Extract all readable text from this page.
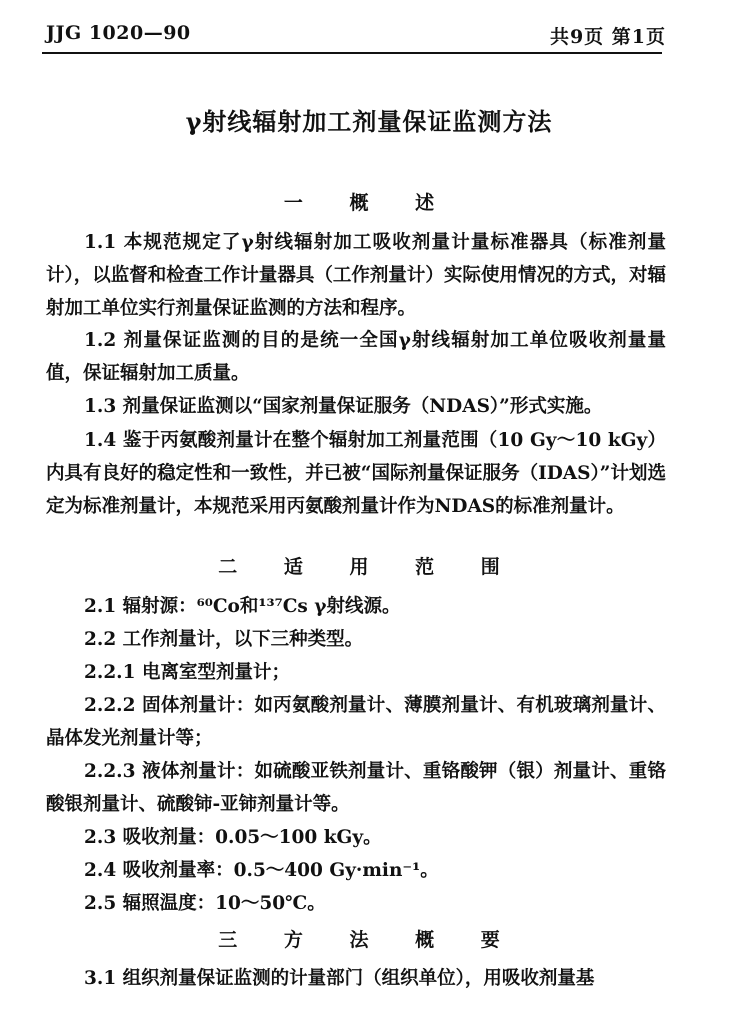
JJG 1020—90	共9页 第1页
γ射线辐射加工剂量保证监测方法
一 概 述
1.1 本规范规定了γ射线辐射加工吸收剂量计量标准器具（标准剂量计），以监督和检查工作计量器具（工作剂量计）实际使用情况的方式，对辐射加工单位实行剂量保证监测的方法和程序。
1.2 剂量保证监测的目的是统一全国γ射线辐射加工单位吸收剂量量值，保证辐射加工质量。
1.3 剂量保证监测以“国家剂量保证服务（NDAS）”形式实施。
1.4 鉴于丙氨酸剂量计在整个辐射加工剂量范围（10 Gy～10 kGy）内具有良好的稳定性和一致性，并已被“国际剂量保证服务（IDAS）”计划选定为标准剂量计，本规范采用丙氨酸剂量计作为NDAS的标准剂量计。
二 适 用 范 围
2.1 辐射源：⁶⁰Co和¹³⁷Cs γ射线源。
2.2 工作剂量计，以下三种类型。
2.2.1 电离室型剂量计；
2.2.2 固体剂量计：如丙氨酸剂量计、薄膜剂量计、有机玻璃剂量计、晶体发光剂量计等；
2.2.3 液体剂量计：如硫酸亚铁剂量计、重铬酸钾（银）剂量计、重铬酸银剂量计、硫酸铈-亚铈剂量计等。
2.3 吸收剂量：0.05～100 kGy。
2.4 吸收剂量率：0.5～400 Gy·min⁻¹。
2.5 辐照温度：10～50℃。
三 方 法 概 要
3.1 组织剂量保证监测的计量部门（组织单位），用吸收剂量基
